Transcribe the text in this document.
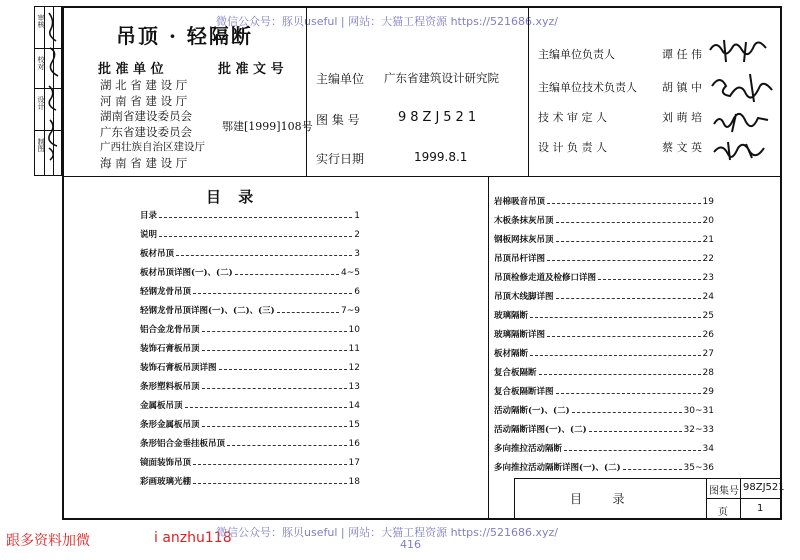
微信公众号：豚贝useful | 网站：大猫工程资源 https://521686.xyz/
审核
校对
设计
制图
吊顶 · 轻隔断
批 准 单 位	批 准 文 号
湖 北 省 建 设 厅
河 南 省 建 设 厅
湖南省建设委员会
广东省建设委员会
广西壮族自治区建设厅
海 南 省 建 设 厅
鄂建[1999]108号
主编单位 广东省建筑设计研究院
图 集 号	98ZJ521
实行日期	1999.8.1
主编单位负责人	谭 任 伟
主编单位技术负责人	胡 镇 中
技 术 审 定 人	刘 萌 培
设 计 负 责 人	蔡 文 英
目 录
目录	1
说明	2
板材吊顶	3
板材吊顶详图(一)、(二)	4~5
轻钢龙骨吊顶	6
轻钢龙骨吊顶详图(一)、(二)、(三)	7~9
铝合金龙骨吊顶	10
装饰石膏板吊顶	11
装饰石膏板吊顶详图	12
条形塑料板吊顶	13
金属板吊顶	14
条形金属板吊顶	15
条形铝合金垂挂板吊顶	16
镜面装饰吊顶	17
彩画玻璃光棚	18
岩棉吸音吊顶	19
木板条抹灰吊顶	20
钢板网抹灰吊顶	21
吊顶吊杆详图	22
吊顶检修走道及检修口详图	23
吊顶木线脚详图	24
玻璃隔断	25
玻璃隔断详图	26
板材隔断	27
复合板隔断	28
复合板隔断详图	29
活动隔断(一)、(二)	30~31
活动隔断详图(一)、(二)	32~33
多向推拉活动隔断	34
多向推拉活动隔断详图(一)、(二)	35~36
目        录
图集号 98ZJ521
页	1
跟多资料加微	i anzhu118
微信公众号：豚贝useful | 网站：大猫工程资源 https://521686.xyz/
416
